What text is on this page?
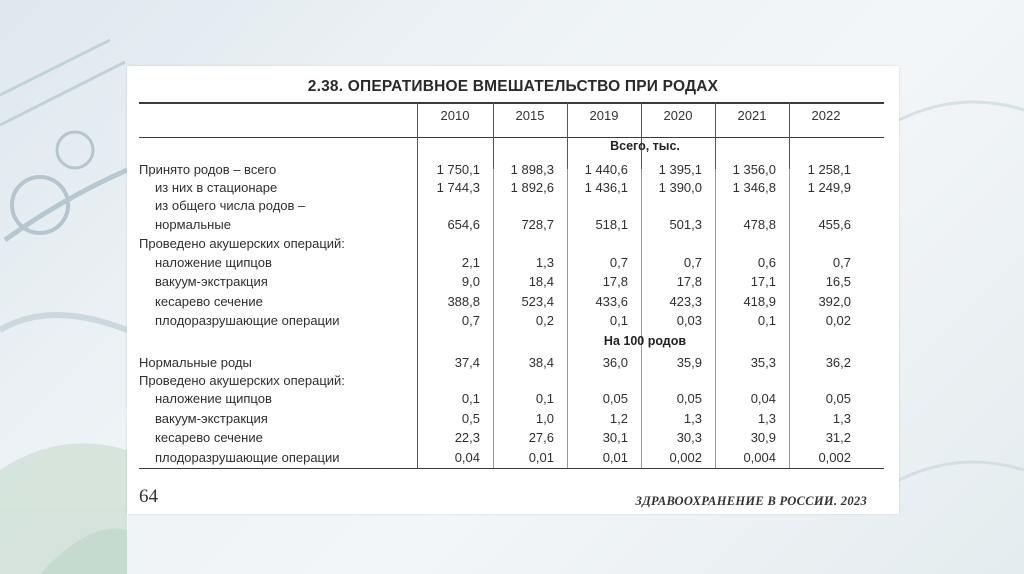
2.38. ОПЕРАТИВНОЕ ВМЕШАТЕЛЬСТВО ПРИ РОДАХ
2010	2015	2019	2020	2021	2022
Всего, тыс.
На 100 родов
Принято родов – всего	1 750,1	1 898,3	1 440,6	1 395,1	1 356,0	1 258,1
из них в стационаре	1 744,3	1 892,6	1 436,1	1 390,0	1 346,8	1 249,9
из общего числа родов –
нормальные	654,6	728,7	518,1	501,3	478,8	455,6
Проведено акушерских операций:
наложение щипцов	2,1	1,3	0,7	0,7	0,6	0,7
вакуум-экстракция	9,0	18,4	17,8	17,8	17,1	16,5
кесарево сечение	388,8	523,4	433,6	423,3	418,9	392,0
плодоразрушающие операции	0,7	0,2	0,1	0,03	0,1	0,02
Нормальные роды	37,4	38,4	36,0	35,9	35,3	36,2
Проведено акушерских операций:
наложение щипцов	0,1	0,1	0,05	0,05	0,04	0,05
вакуум-экстракция	0,5	1,0	1,2	1,3	1,3	1,3
кесарево сечение	22,3	27,6	30,1	30,3	30,9	31,2
плодоразрушающие операции	0,04	0,01	0,01	0,002	0,004	0,002
64	ЗДРАВООХРАНЕНИЕ В РОССИИ. 2023
